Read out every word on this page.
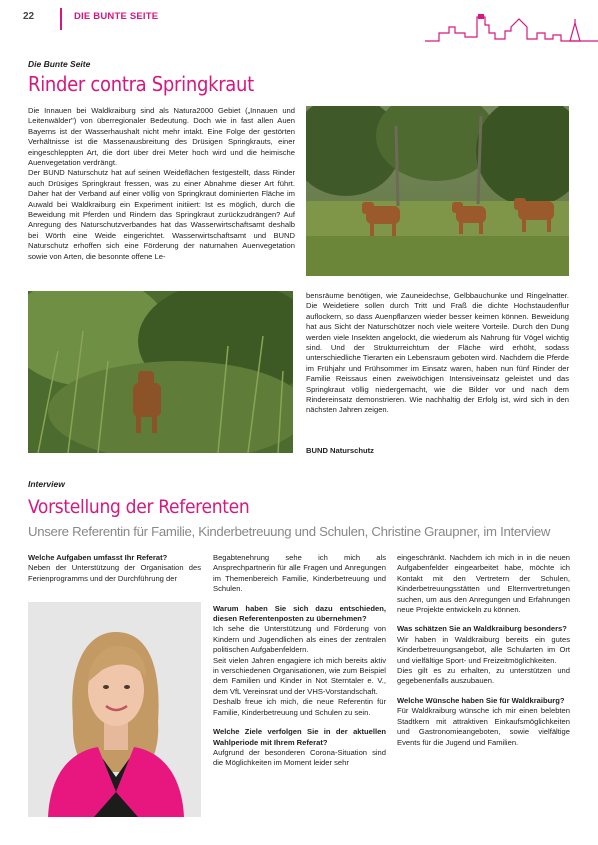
22	DIE BUNTE SEITE
Die Bunte Seite
Rinder contra Springkraut

Die Innauen bei Waldkraiburg sind als Natura2000 Gebiet („Innauen und Leitenwälder") von überregionaler Bedeutung. Doch wie in fast allen Auen Bayerns ist der Wasserhaushalt nicht mehr intakt. Eine Folge der gestörten Verhältnisse ist die Massenausbreitung des Drüsigen Springkrauts, einer eingeschleppten Art, die dort über drei Meter hoch wird und die heimische Auenvegetation verdrängt.

Der BUND Naturschutz hat auf seinen Weideflächen festgestellt, dass Rinder auch Drüsiges Springkraut fressen, was zu einer Abnahme dieser Art führt. Daher hat der Verband auf einer völlig von Springkraut dominierten Fläche im Auwald bei Waldkraiburg ein Experiment initiiert: Ist es möglich, durch die Beweidung mit Pferden und Rindern das Springkraut zurückzudrängen? Auf Anregung des Naturschutzverbandes hat das Wasserwirtschaftsamt deshalb bei Wörth eine Weide eingerichtet. Wasserwirtschaftsamt und BUND Naturschutz erhoffen sich eine Förderung der naturnahen Auenvegetation sowie von Arten, die besonnte offene Le-

bensräume benötigen, wie Zauneidechse, Gelbbauchunke und Ringelnatter. Die Weidetiere sollen durch Tritt und Fraß die dichte Hochstaudenflur auflockern, so dass Auenpflanzen wieder besser keimen können. Beweidung hat aus Sicht der Naturschützer noch viele weitere Vorteile. Durch den Dung werden viele Insekten angelockt, die wiederum als Nahrung für Vögel wichtig sind. Und der Strukturreichtum der Fläche wird erhöht, sodass unterschiedliche Tierarten ein Lebensraum geboten wird. Nachdem die Pferde im Frühjahr und Frühsommer im Einsatz waren, haben nun fünf Rinder der Familie Reissaus einen zweiwöchigen Intensiveinsatz geleistet und das Springkraut völlig niedergemacht, wie die Bilder vor und nach dem Rindereinsatz demonstrieren. Wie nachhaltig der Erfolg ist, wird sich in den nächsten Jahren zeigen.

BUND Naturschutz
Interview
Vorstellung der Referenten
Unsere Referentin für Familie, Kinderbetreuung und Schulen, Christine Graupner, im Interview

Welche Aufgaben umfasst Ihr Referat?

Neben der Unterstützung der Organisation des Ferienprogramms und der Durchführung der

Begabtenehrung sehe ich mich als Ansprechpartnerin für alle Fragen und Anregungen im Themenbereich Familie, Kinderbetreuung und Schulen.

Warum haben Sie sich dazu entschieden, diesen Referentenposten zu übernehmen?

Ich sehe die Unterstützung und Förderung von Kindern und Jugendlichen als eines der zentralen politischen Aufgabenfeldern.

Seit vielen Jahren engagiere ich mich bereits aktiv in verschiedenen Organisationen, wie zum Beispiel dem Familien und Kinder in Not Sterntaler e. V., dem VfL Vereinsrat und der VHS-Vorstandschaft.

Deshalb freue ich mich, die neue Referentin für Familie, Kinderbetreuung und Schulen zu sein.

Welche Ziele verfolgen Sie in der aktuellen Wahlperiode mit Ihrem Referat?

Aufgrund der besonderen Corona-Situation sind die Möglichkeiten im Moment leider sehr

eingeschränkt. Nachdem ich mich in in die neuen Aufgabenfelder eingearbeitet habe, möchte ich Kontakt mit den Vertretern der Schulen, Kinderbetreuungsstätten und Elternvertretungen suchen, um aus den Anregungen und Erfahrungen neue Projekte entwickeln zu können.

Was schätzen Sie an Waldkraiburg besonders?

Wir haben in Waldkraiburg bereits ein gutes Kinderbetreuungsangebot, alle Schularten im Ort und vielfältige Sport- und Freizeitmöglichkeiten.

Dies gilt es zu erhalten, zu unterstützen und gegebenenfalls auszubauen.

Welche Wünsche haben Sie für Waldkraiburg?

Für Waldkraiburg wünsche ich mir einen belebten Stadtkern mit attraktiven Einkaufsmöglichkeiten und Gastronomieangeboten, sowie vielfältige Events für die Jugend und Familien.
